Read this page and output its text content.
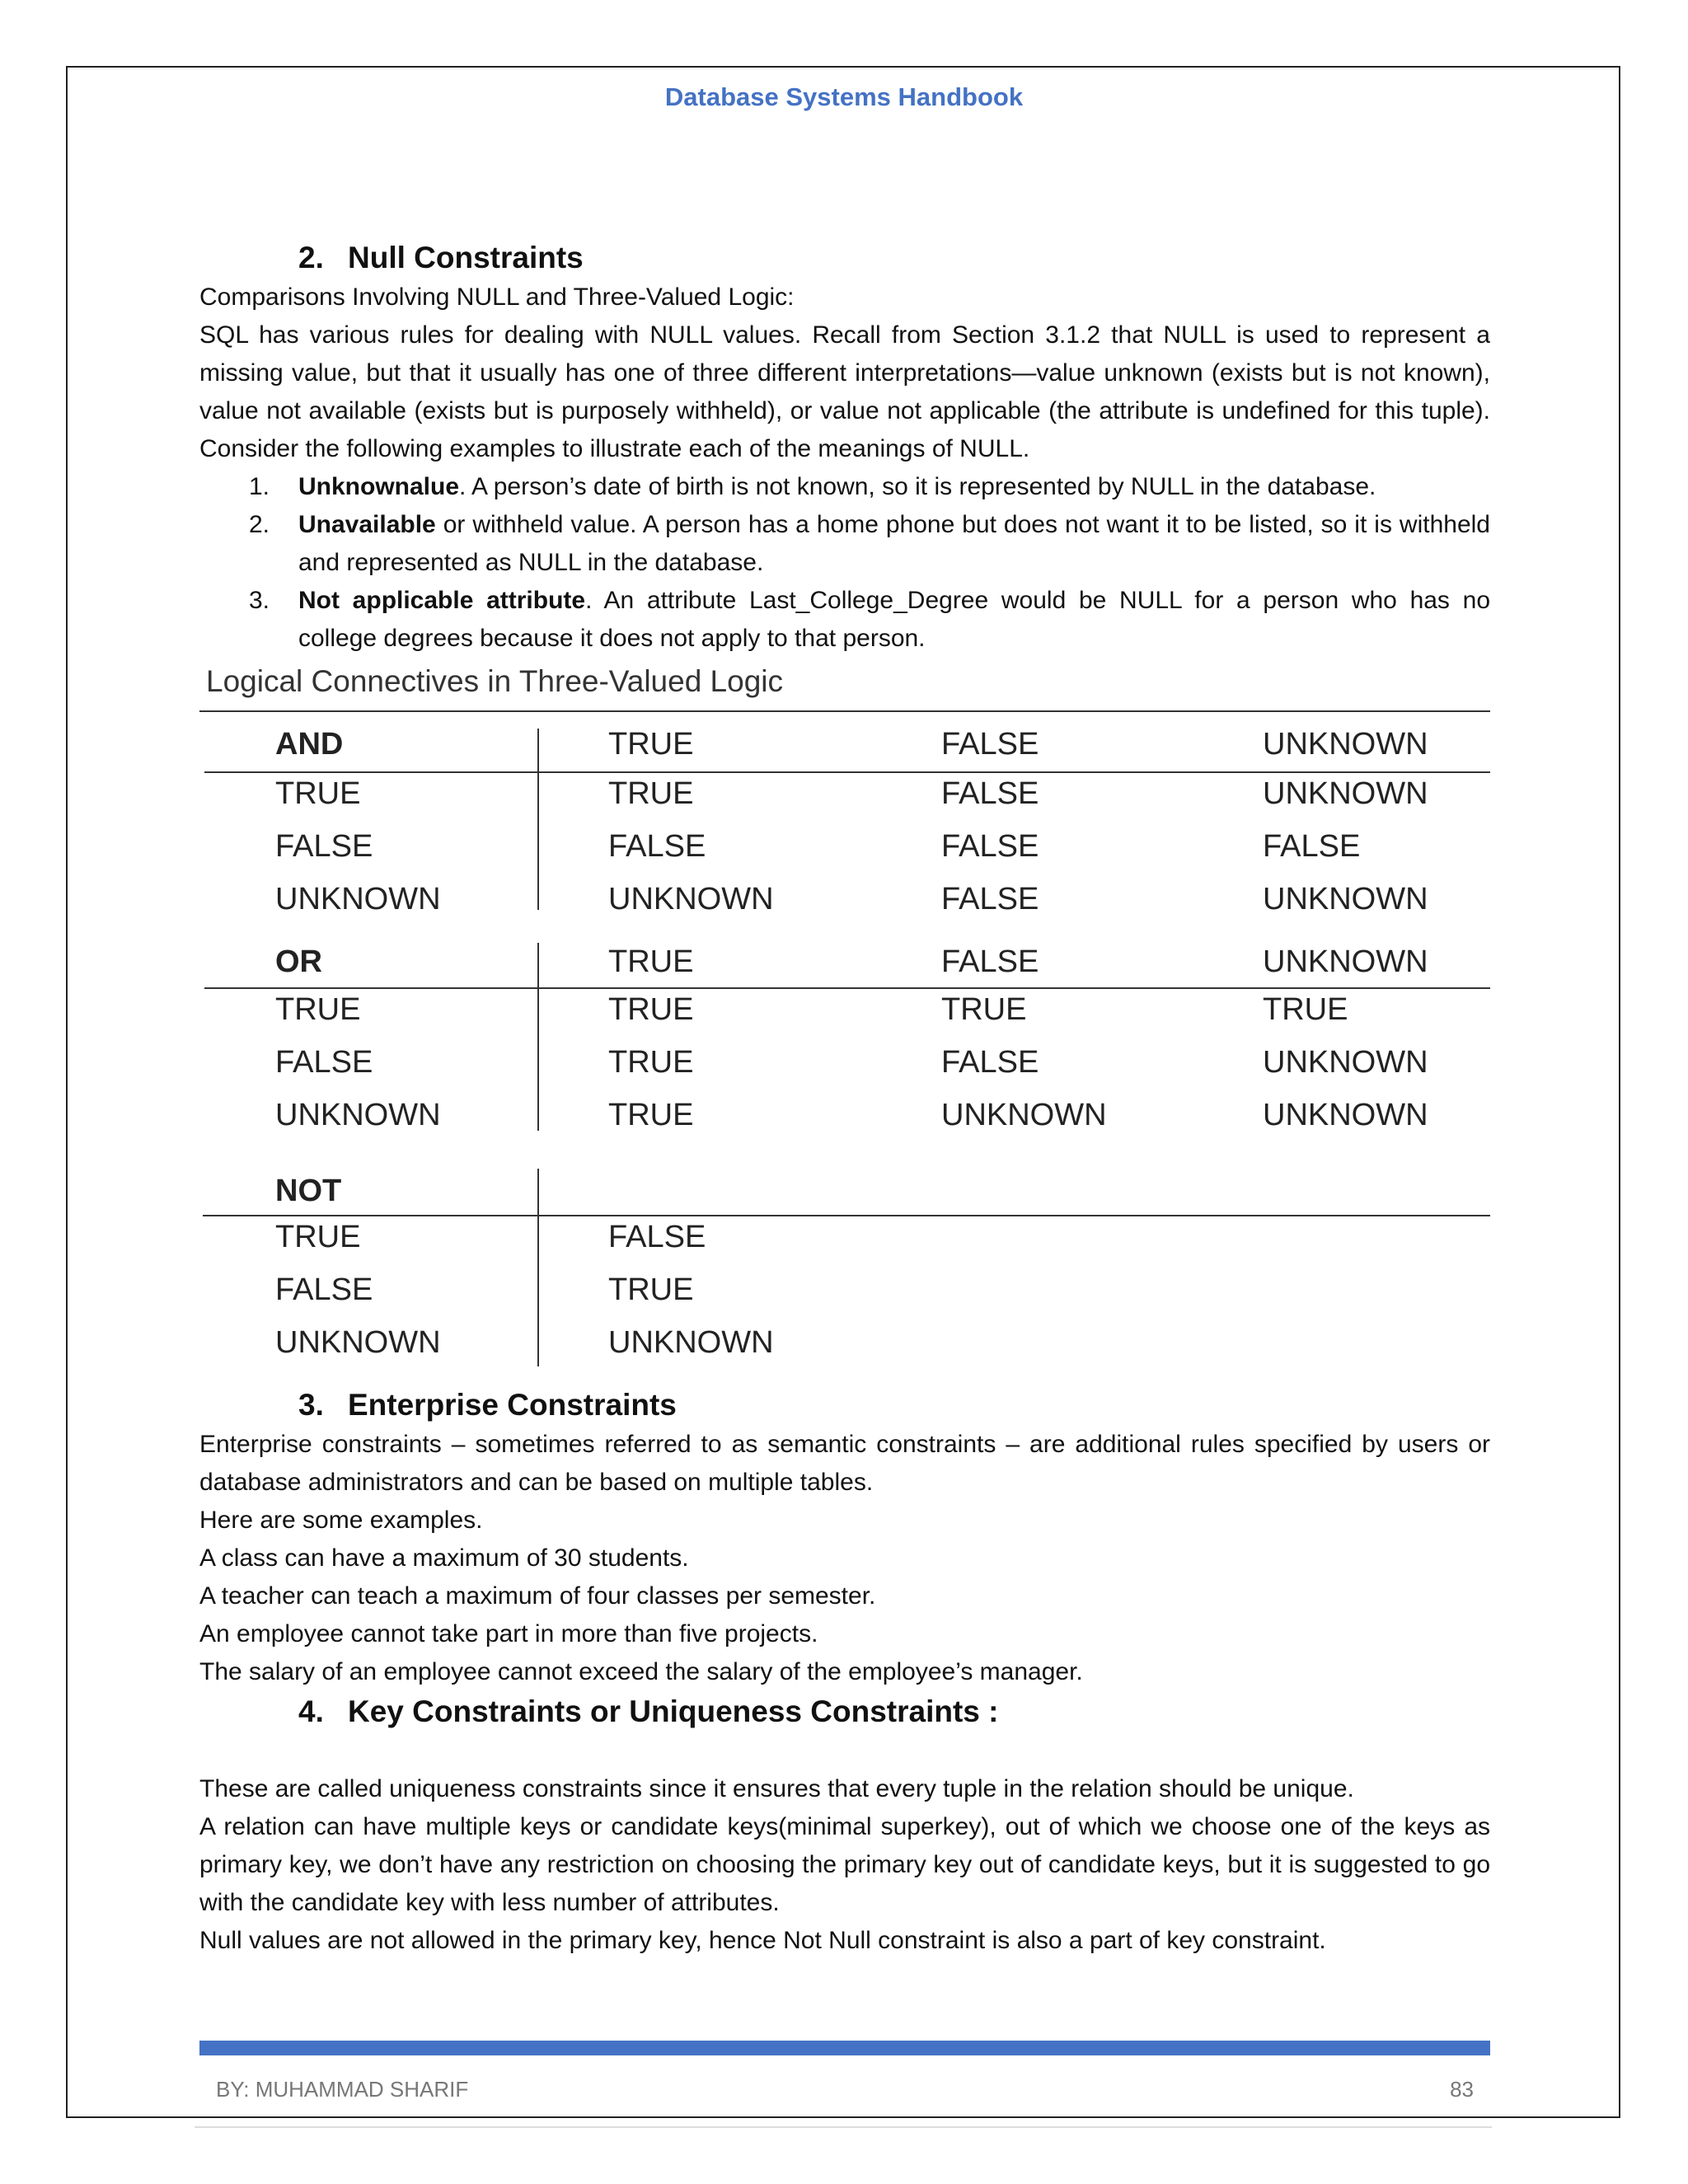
Database Systems Handbook
2. Null Constraints

Comparisons Involving NULL and Three-Valued Logic:

SQL has various rules for dealing with NULL values. Recall from Section 3.1.2 that NULL is used to represent a missing value, but that it usually has one of three different interpretations—value unknown (exists but is not known), value not available (exists but is purposely withheld), or value not applicable (the attribute is undefined for this tuple). Consider the following examples to illustrate each of the meanings of NULL.

1. Unknownalue. A person’s date of birth is not known, so it is represented by NULL in the database.
2. Unavailable or withheld value. A person has a home phone but does not want it to be listed, so it is withheld and represented as NULL in the database.
3. Not applicable attribute. An attribute Last_College_Degree would be NULL for a person who has no college degrees because it does not apply to that person.
Logical Connectives in Three-Valued Logic
AND	TRUE	FALSE	UNKNOWN
TRUE	TRUE	FALSE	UNKNOWN
FALSE	FALSE	FALSE	FALSE
UNKNOWN	UNKNOWN	FALSE	UNKNOWN
OR	TRUE	FALSE	UNKNOWN
TRUE	TRUE	TRUE	TRUE
FALSE	TRUE	FALSE	UNKNOWN
UNKNOWN	TRUE	UNKNOWN	UNKNOWN
NOT
TRUE	FALSE
FALSE	TRUE
UNKNOWN	UNKNOWN
3. Enterprise Constraints

Enterprise constraints – sometimes referred to as semantic constraints – are additional rules specified by users or database administrators and can be based on multiple tables.

Here are some examples.

A class can have a maximum of 30 students.

A teacher can teach a maximum of four classes per semester.

An employee cannot take part in more than five projects.

The salary of an employee cannot exceed the salary of the employee’s manager.

4. Key Constraints or Uniqueness Constraints :

These are called uniqueness constraints since it ensures that every tuple in the relation should be unique.

A relation can have multiple keys or candidate keys(minimal superkey), out of which we choose one of the keys as primary key, we don’t have any restriction on choosing the primary key out of candidate keys, but it is suggested to go with the candidate key with less number of attributes.

Null values are not allowed in the primary key, hence Not Null constraint is also a part of key constraint.

BY: MUHAMMAD SHARIF	83
